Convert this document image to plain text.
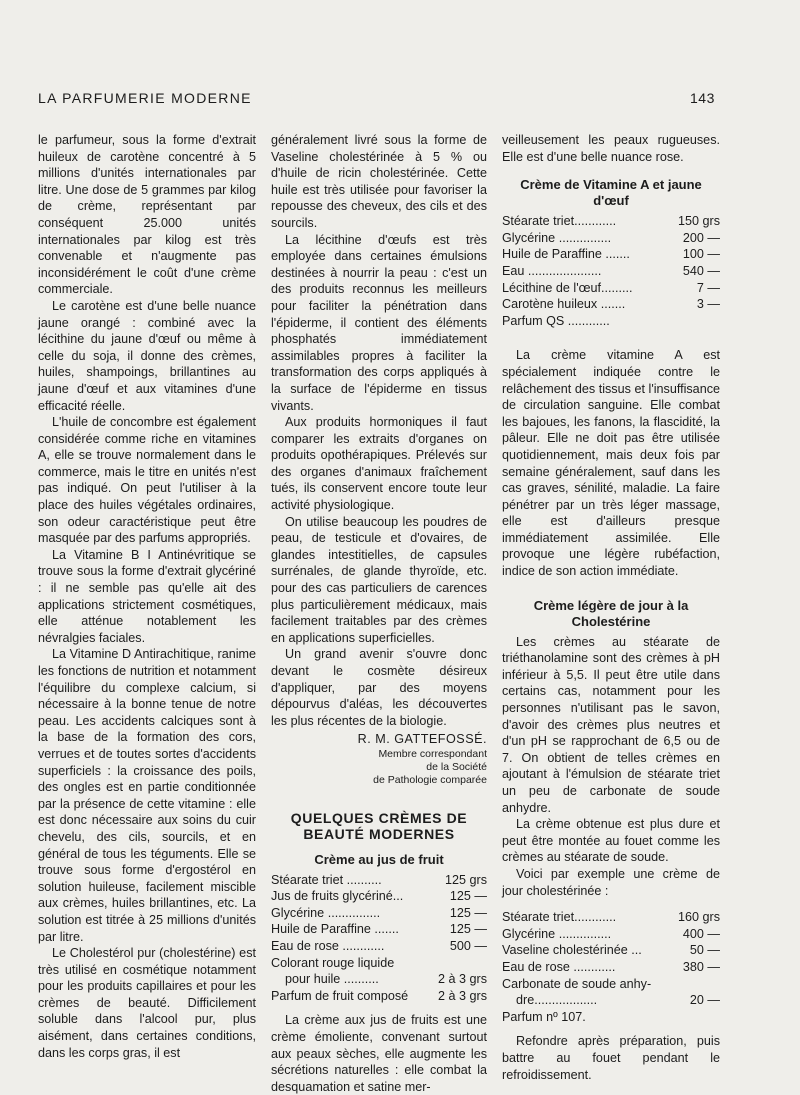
LA PARFUMERIE MODERNE	143

le parfumeur, sous la forme d'extrait huileux de carotène concentré à 5 millions d'unités internationales par litre. Une dose de 5 grammes par kilog de crème, représentant par conséquent 25.000 unités internationales par kilog est très convenable et n'augmente pas inconsidérément le coût d'une crème commerciale.

Le carotène est d'une belle nuance jaune orangé : combiné avec la lécithine du jaune d'œuf ou même à celle du soja, il donne des crèmes, huiles, shampoings, brillantines au jaune d'œuf et aux vitamines d'une efficacité réelle.

L'huile de concombre est également considérée comme riche en vitamines A, elle se trouve normalement dans le commerce, mais le titre en unités n'est pas indiqué. On peut l'utiliser à la place des huiles végétales ordinaires, son odeur caractéristique peut être masquée par des parfums appropriés.

La Vitamine B I Antinévritique se trouve sous la forme d'extrait glycériné : il ne semble pas qu'elle ait des applications strictement cosmétiques, elle atténue notablement les névralgies faciales.

La Vitamine D Antirachitique, ranime les fonctions de nutrition et notamment l'équilibre du complexe calcium, si nécessaire à la bonne tenue de notre peau. Les accidents calciques sont à la base de la formation des cors, verrues et de toutes sortes d'accidents superficiels : la croissance des poils, des ongles est en partie conditionnée par la présence de cette vitamine : elle est donc nécessaire aux soins du cuir chevelu, des cils, sourcils, et en général de tous les téguments. Elle se trouve sous forme d'ergostérol en solution huileuse, facilement miscible aux crèmes, huiles brillantines, etc. La solution est titrée à 25 millions d'unités par litre.

Le Cholestérol pur (cholestérine) est très utilisé en cosmétique notamment pour les produits capillaires et pour les crèmes de beauté. Difficilement soluble dans l'alcool pur, plus aisément, dans certaines conditions, dans les corps gras, il est

généralement livré sous la forme de Vaseline cholestérinée à 5 % ou d'huile de ricin cholestérinée. Cette huile est très utilisée pour favoriser la repousse des cheveux, des cils et des sourcils.

La lécithine d'œufs est très employée dans certaines émulsions destinées à nourrir la peau : c'est un des produits reconnus les meilleurs pour faciliter la pénétration dans l'épiderme, il contient des éléments phosphatés immédiatement assimilables propres à faciliter la transformation des corps appliqués à la surface de l'épiderme en tissus vivants.

Aux produits hormoniques il faut comparer les extraits d'organes on produits opothérapiques. Prélevés sur des organes d'animaux fraîchement tués, ils conservent encore toute leur activité physiologique.

On utilise beaucoup les poudres de peau, de testicule et d'ovaires, de glandes intestitielles, de capsules surrénales, de glande thyroïde, etc. pour des cas particuliers de carences plus particulièrement médicaux, mais facilement traitables par des crèmes en applications superficielles.

Un grand avenir s'ouvre donc devant le cosmète désireux d'appliquer, par des moyens dépourvus d'aléas, les découvertes les plus récentes de la biologie.

R. M. GATTEFOSSÉ.
Membre correspondant
de la Société
de Pathologie comparée
QUELQUES CRÈMES DE
BEAUTÉ MODERNES
Crème au jus de fruit
Stéarate triet ..........	125 grs
Jus de fruits glycériné...	125 —
Glycérine ...............	125 —
Huile de Paraffine .......	125 —
Eau de rose ............	500 —
Colorant rouge liquide
pour huile ..........	2 à 3 grs
Parfum de fruit composé	2 à 3 grs

La crème aux jus de fruits est une crème émoliente, convenant surtout aux peaux sèches, elle augmente les sécrétions naturelles : elle combat la desquamation et satine mer-

veilleusement les peaux rugueuses. Elle est d'une belle nuance rose.

Crème de Vitamine A et jaune
d'œuf
Stéarate triet............	150 grs
Glycérine ...............	200 —
Huile de Paraffine .......	100 —
Eau .....................	540 —
Lécithine de l'œuf.........	7 —
Carotène huileux .......	3 —
Parfum QS ............

La crème vitamine A est spécialement indiquée contre le relâchement des tissus et l'insuffisance de circulation sanguine. Elle combat les bajoues, les fanons, la flascidité, la pâleur. Elle ne doit pas être utilisée quotidiennement, mais deux fois par semaine généralement, sauf dans les cas graves, sénilité, maladie. La faire pénétrer par un très léger massage, elle est d'ailleurs presque immédiatement assimilée. Elle provoque une légère rubéfaction, indice de son action immédiate.

Crème légère de jour à la
Cholestérine

Les crèmes au stéarate de triéthanolamine sont des crèmes à pH inférieur à 5,5. Il peut être utile dans certains cas, notamment pour les personnes n'utilisant pas le savon, d'avoir des crèmes plus neutres et d'un pH se rapprochant de 6,5 ou de 7. On obtient de telles crèmes en ajoutant à l'émulsion de stéarate triet un peu de carbonate de soude anhydre.

La crème obtenue est plus dure et peut être montée au fouet comme les crèmes au stéarate de soude.

Voici par exemple une crème de jour cholestérinée :

Stéarate triet............	160 grs
Glycérine ...............	400 —
Vaseline cholestérinée ...	50 —
Eau de rose ............	380 —
Carbonate de soude anhy-
dre..................	20 —
Parfum nº 107.

Refondre après préparation, puis battre au fouet pendant le refroidissement.
